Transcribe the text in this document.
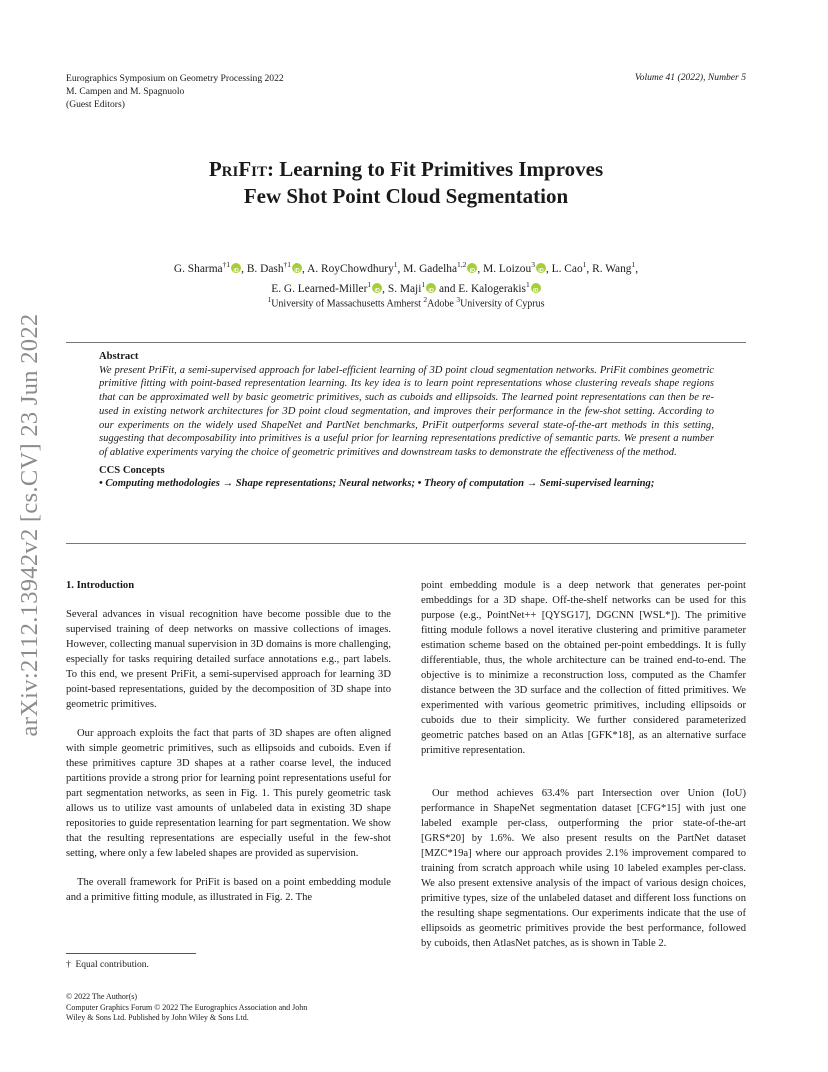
Eurographics Symposium on Geometry Processing 2022
M. Campen and M. Spagnuolo
(Guest Editors)
Volume 41 (2022), Number 5
arXiv:2112.13942v2 [cs.CV] 23 Jun 2022
PriFit: Learning to Fit Primitives Improves
Few Shot Point Cloud Segmentation
G. Sharma$^{\dagger 1}$ iD , B. Dash$^{\dagger 1}$ iD , A. RoyChowdhury$^1$, M. Gadelha$^{1,2}$ iD , M. Loizou$^3$ iD , L. Cao$^1$, R. Wang$^1$,
E. G. Learned-Miller$^1$ iD , S. Maji$^1$iD and E. Kalogerakis$^1$iD
$^1$University of Massachusetts Amherst $^2$Adobe $^3$University of Cyprus
Abstract
We present PriFit, a semi-supervised approach for label-efficient learning of 3D point cloud segmentation networks. PriFit combines geometric primitive fitting with point-based representation learning. Its key idea is to learn point representations whose clustering reveals shape regions that can be approximated well by basic geometric primitives, such as cuboids and ellipsoids. The learned point representations can then be re-used in existing network architectures for 3D point cloud segmentation, and improves their performance in the few-shot setting. According to our experiments on the widely used ShapeNet and PartNet benchmarks, PriFit outperforms several state-of-the-art methods in this setting, suggesting that decomposability into primitives is a useful prior for learning representations predictive of semantic parts. We present a number of ablative experiments varying the choice of geometric primitives and downstream tasks to demonstrate the effectiveness of the method.
CCS Concepts
• Computing methodologies → Shape representations; Neural networks; • Theory of computation → Semi-supervised learning;
1. Introduction

Several advances in visual recognition have become possible due to the supervised training of deep networks on massive collections of images. However, collecting manual supervision in 3D domains is more challenging, especially for tasks requiring detailed surface annotations e.g., part labels. To this end, we present PriFit, a semi-supervised approach for learning 3D point-based representations, guided by the decomposition of 3D shape into geometric primitives.

Our approach exploits the fact that parts of 3D shapes are often aligned with simple geometric primitives, such as ellipsoids and cuboids. Even if these primitives capture 3D shapes at a rather coarse level, the induced partitions provide a strong prior for learning point representations useful for part segmentation networks, as seen in Fig. 1. This purely geometric task allows us to utilize vast amounts of unlabeled data in existing 3D shape repositories to guide representation learning for part segmentation. We show that the resulting representations are especially useful in the few-shot setting, where only a few labeled shapes are provided as supervision.

The overall framework for PriFit is based on a point embedding module and a primitive fitting module, as illustrated in Fig. 2. The

point embedding module is a deep network that generates per-point embeddings for a 3D shape. Off-the-shelf networks can be used for this purpose (e.g., PointNet++ [QYSG17], DGCNN [WSL*]). The primitive fitting module follows a novel iterative clustering and primitive parameter estimation scheme based on the obtained per-point embeddings. It is fully differentiable, thus, the whole architecture can be trained end-to-end. The objective is to minimize a reconstruction loss, computed as the Chamfer distance between the 3D surface and the collection of fitted primitives. We experimented with various geometric primitives, including ellipsoids or cuboids due to their simplicity. We further considered parameterized geometric patches based on an Atlas [GFK*18], as an alternative surface primitive representation.

Our method achieves 63.4% part Intersection over Union (IoU) performance in ShapeNet segmentation dataset [CFG*15] with just one labeled example per-class, outperforming the prior state-of-the-art [GRS*20] by 1.6%. We also present results on the PartNet dataset [MZC*19a] where our approach provides 2.1% improvement compared to training from scratch approach while using 10 labeled examples per-class. We also present extensive analysis of the impact of various design choices, primitive types, size of the unlabeled dataset and different loss functions on the resulting shape segmentations. Our experiments indicate that the use of ellipsoids as geometric primitives provide the best performance, followed by cuboids, then AtlasNet patches, as is shown in Table 2.

† Equal contribution.
© 2022 The Author(s)
Computer Graphics Forum © 2022 The Eurographics Association and John
Wiley & Sons Ltd. Published by John Wiley & Sons Ltd.
